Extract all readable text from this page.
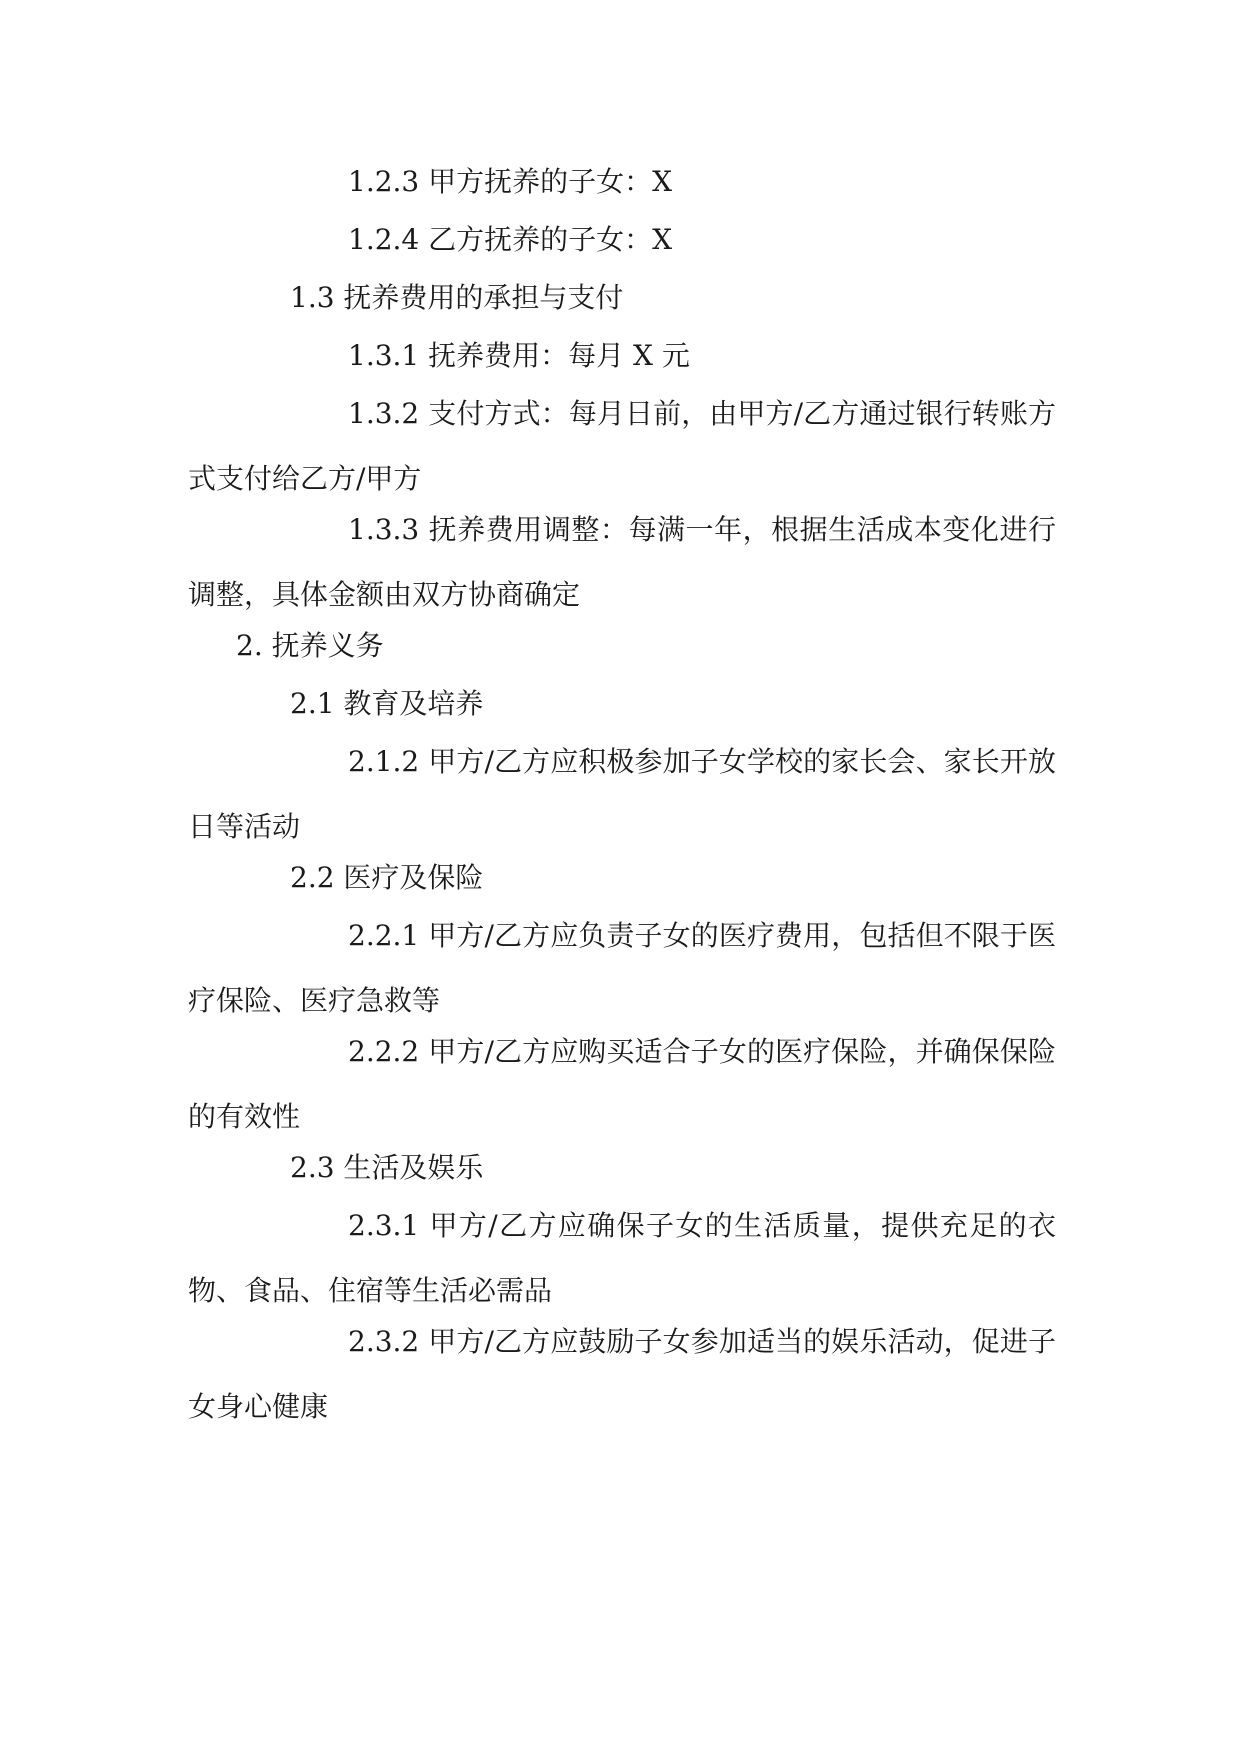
1.2.3 甲方抚养的子女：X

1.2.4 乙方抚养的子女：X

1.3 抚养费用的承担与支付

1.3.1 抚养费用：每月 X 元

1.3.2 支付方式：每月日前，由甲方/乙方通过银行转账方式支付给乙方/甲方

1.3.3 抚养费用调整：每满一年，根据生活成本变化进行调整，具体金额由双方协商确定

2. 抚养义务

2.1 教育及培养

2.1.2 甲方/乙方应积极参加子女学校的家长会、家长开放日等活动

2.2 医疗及保险

2.2.1 甲方/乙方应负责子女的医疗费用，包括但不限于医疗保险、医疗急救等

2.2.2 甲方/乙方应购买适合子女的医疗保险，并确保保险的有效性

2.3 生活及娱乐

2.3.1 甲方/乙方应确保子女的生活质量，提供充足的衣物、食品、住宿等生活必需品

2.3.2 甲方/乙方应鼓励子女参加适当的娱乐活动，促进子女身心健康
